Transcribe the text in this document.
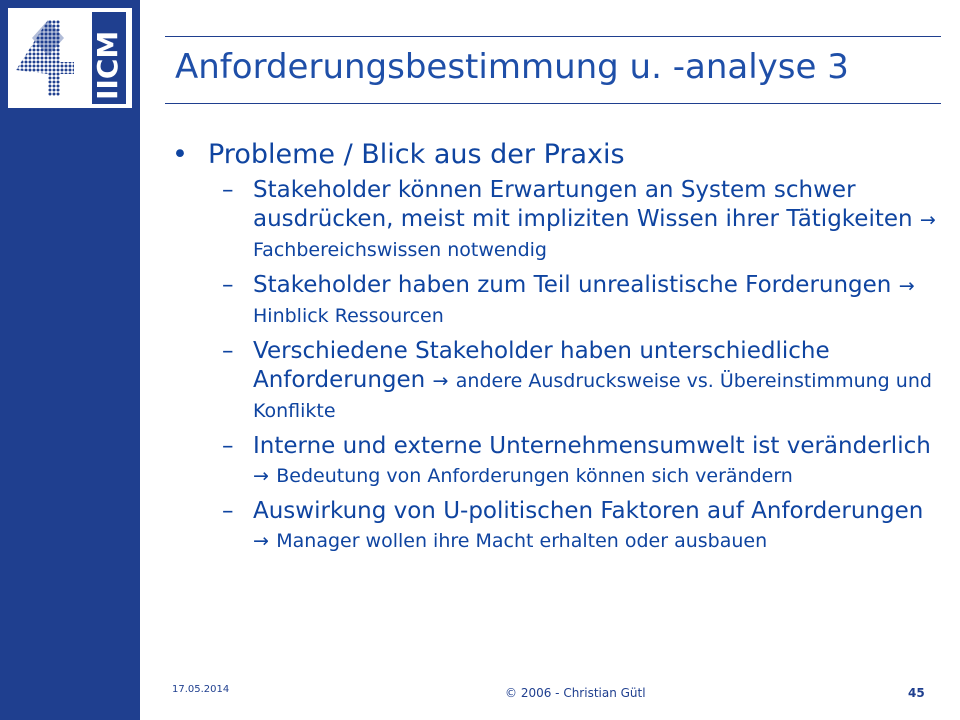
IICM Anforderungsbestimmung u. -analyse 3
• Probleme / Blick aus der Praxis
– Stakeholder können Erwartungen an System schwer ausdrücken, meist mit impliziten Wissen ihrer Tätigkeiten → Fachbereichswissen notwendig
– Stakeholder haben zum Teil unrealistische Forderungen → Hinblick Ressourcen
– Verschiedene Stakeholder haben unterschiedliche Anforderungen → andere Ausdrucksweise vs. Übereinstimmung und Konflikte
– Interne und externe Unternehmensumwelt ist veränderlich → Bedeutung von Anforderungen können sich verändern
– Auswirkung von U-politischen Faktoren auf Anforderungen → Manager wollen ihre Macht erhalten oder ausbauen
17.05.2014	© 2006 - Christian Gütl	45
